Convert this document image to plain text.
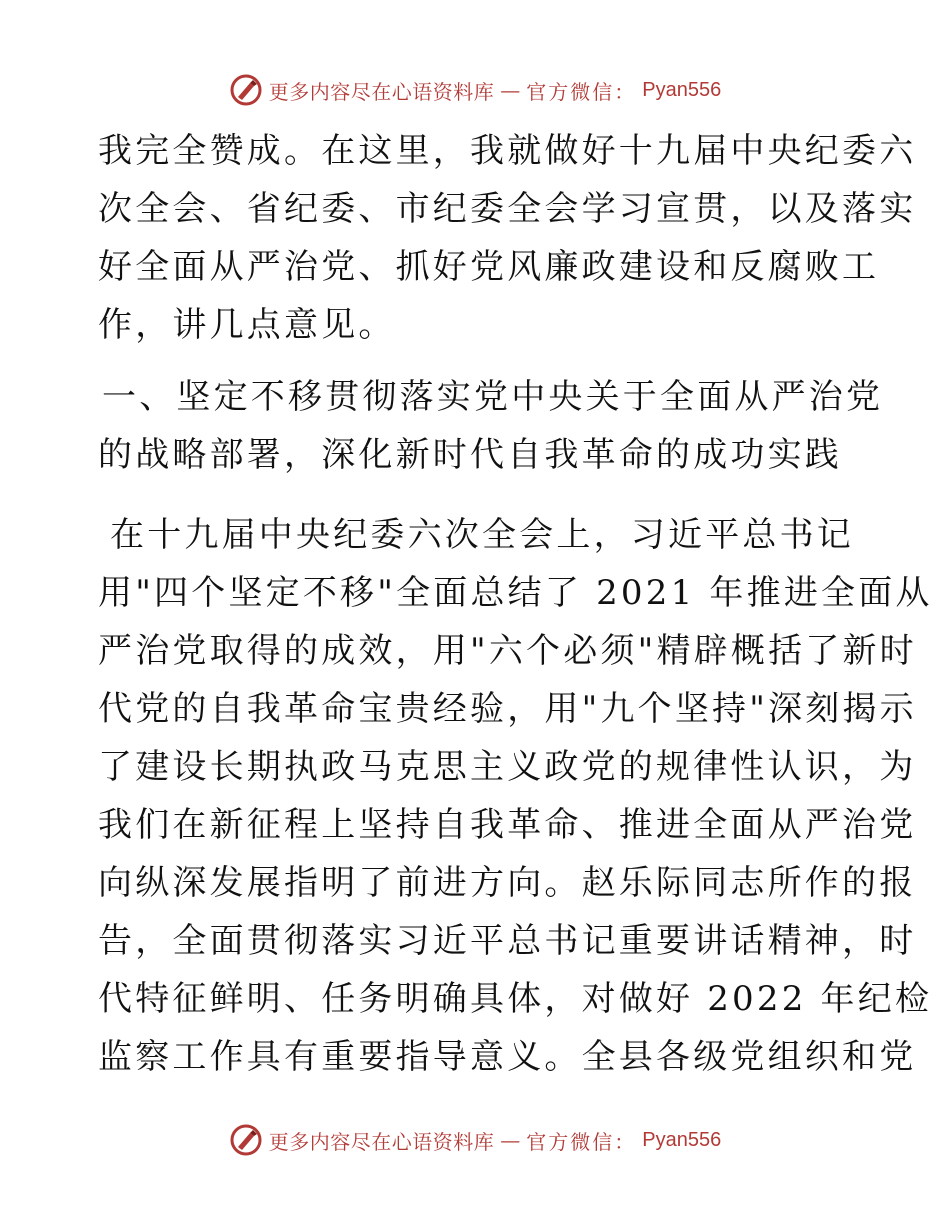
更多内容尽在心语资料库 — 官方微信： Pyan556
我完全赞成。在这里，我就做好十九届中央纪委六
次全会、省纪委、市纪委全会学习宣贯，以及落实
好全面从严治党、抓好党风廉政建设和反腐败工
作，讲几点意见。
一、坚定不移贯彻落实党中央关于全面从严治党
的战略部署，深化新时代自我革命的成功实践
在十九届中央纪委六次全会上，习近平总书记
用"四个坚定不移"全面总结了 2021 年推进全面从
严治党取得的成效，用"六个必须"精辟概括了新时
代党的自我革命宝贵经验，用"九个坚持"深刻揭示
了建设长期执政马克思主义政党的规律性认识，为
我们在新征程上坚持自我革命、推进全面从严治党
向纵深发展指明了前进方向。赵乐际同志所作的报
告，全面贯彻落实习近平总书记重要讲话精神，时
代特征鲜明、任务明确具体，对做好 2022 年纪检
监察工作具有重要指导意义。全县各级党组织和党
更多内容尽在心语资料库 — 官方微信： Pyan556
